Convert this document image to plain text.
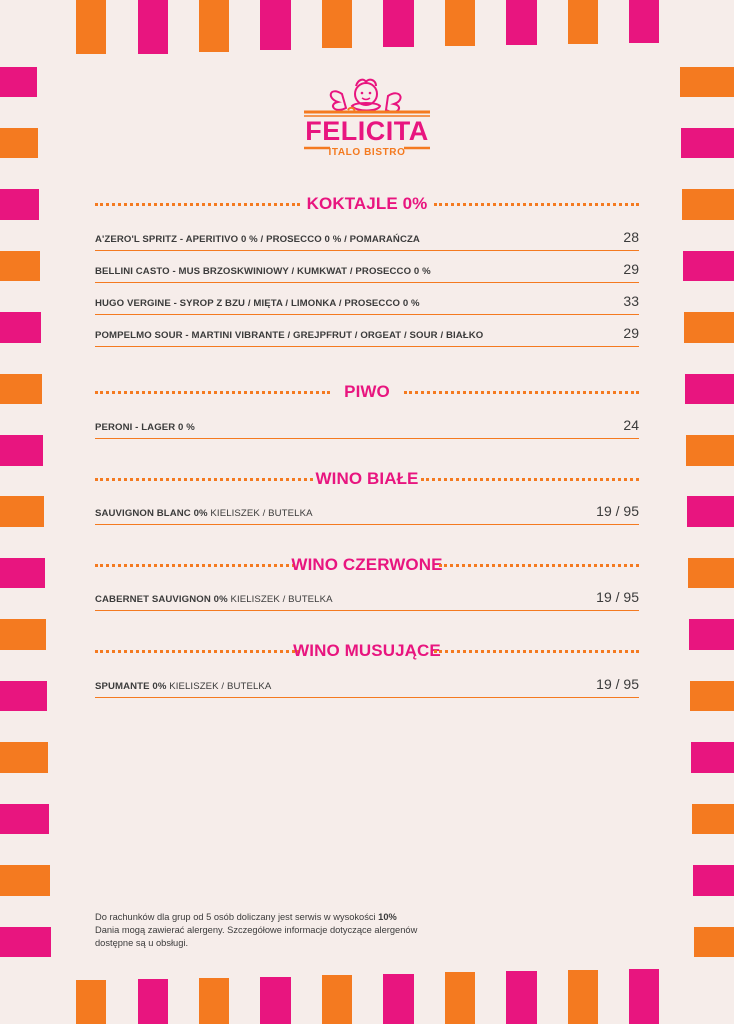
FELICITA
ITALO BISTRO
KOKTAJLE 0%
A'ZERO'L SPRITZ - APERITIVO 0 % / PROSECCO 0 % / POMARAŃCZA	28
BELLINI CASTO - MUS BRZOSKWINIOWY / KUMKWAT / PROSECCO 0 %	29
HUGO VERGINE - SYROP Z BZU / MIĘTA / LIMONKA / PROSECCO 0 %	33
POMPELMO SOUR - MARTINI VIBRANTE / GREJPFRUT / ORGEAT / SOUR / BIAŁKO	29
PIWO
PERONI - LAGER 0 %	24
WINO BIAŁE
SAUVIGNON BLANC 0% KIELISZEK / BUTELKA	19 / 95
WINO CZERWONE
CABERNET SAUVIGNON 0% KIELISZEK / BUTELKA	19 / 95
WINO MUSUJĄCE
SPUMANTE 0% KIELISZEK / BUTELKA	19 / 95
Do rachunków dla grup od 5 osób doliczany jest serwis w wysokości 10%
Dania mogą zawierać alergeny. Szczegółowe informacje dotyczące alergenów
dostępne są u obsługi.
